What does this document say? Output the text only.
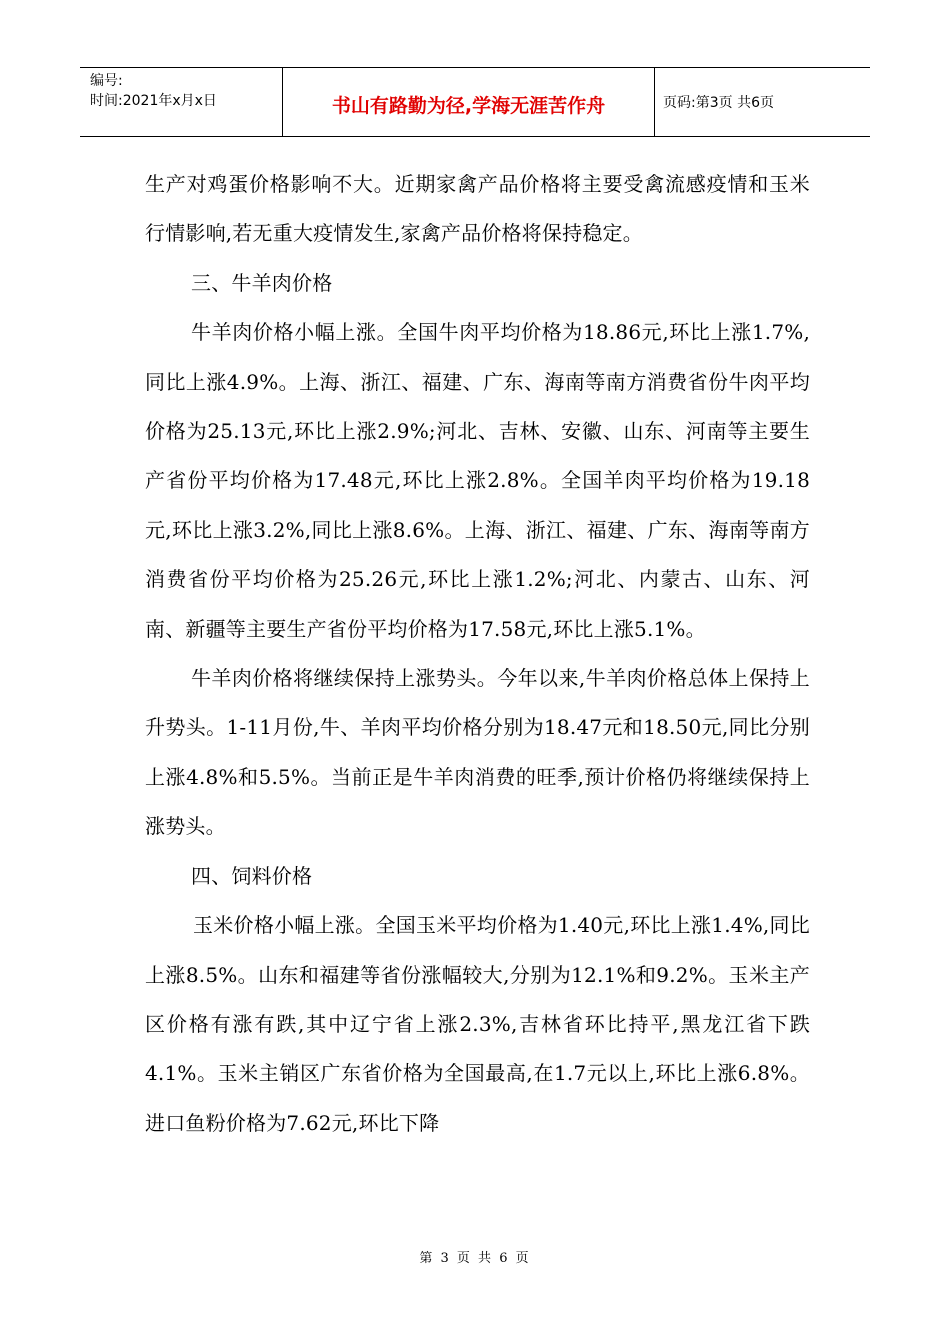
编号:
时间:2021年x月x日	书山有路勤为径,学海无涯苦作舟	页码:第3页 共6页

生产对鸡蛋价格影响不大。近期家禽产品价格将主要受禽流感疫情和玉米行情影响,若无重大疫情发生,家禽产品价格将保持稳定。

三、牛羊肉价格

牛羊肉价格小幅上涨。全国牛肉平均价格为18.86元,环比上涨1.7%,同比上涨4.9%。上海、浙江、福建、广东、海南等南方消费省份牛肉平均价格为25.13元,环比上涨2.9%;河北、吉林、安徽、山东、河南等主要生产省份平均价格为17.48元,环比上涨2.8%。全国羊肉平均价格为19.18元,环比上涨3.2%,同比上涨8.6%。上海、浙江、福建、广东、海南等南方消费省份平均价格为25.26元,环比上涨1.2%;河北、内蒙古、山东、河南、新疆等主要生产省份平均价格为17.58元,环比上涨5.1%。

牛羊肉价格将继续保持上涨势头。今年以来,牛羊肉价格总体上保持上升势头。1-11月份,牛、羊肉平均价格分别为18.47元和18.50元,同比分别上涨4.8%和5.5%。当前正是牛羊肉消费的旺季,预计价格仍将继续保持上涨势头。

四、饲料价格

玉米价格小幅上涨。全国玉米平均价格为1.40元,环比上涨1.4%,同比上涨8.5%。山东和福建等省份涨幅较大,分别为12.1%和9.2%。玉米主产区价格有涨有跌,其中辽宁省上涨2.3%,吉林省环比持平,黑龙江省下跌4.1%。玉米主销区广东省价格为全国最高,在1.7元以上,环比上涨6.8%。进口鱼粉价格为7.62元,环比下降

第 3 页 共 6 页
